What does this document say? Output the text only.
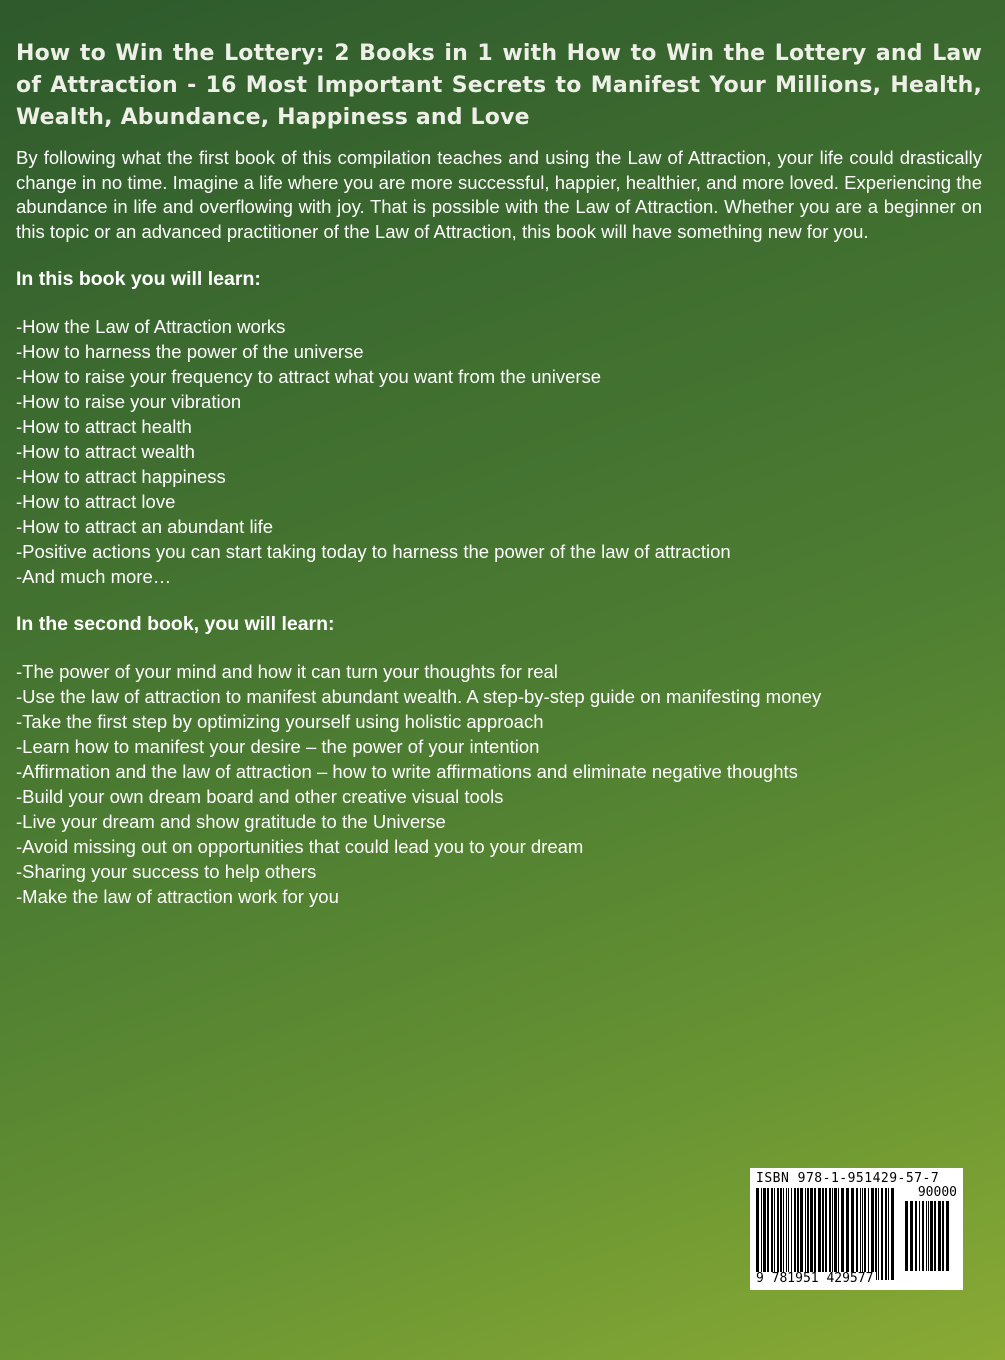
How to Win the Lottery: 2 Books in 1 with How to Win the Lottery and Law of Attraction - 16 Most Important Secrets to Manifest Your Millions, Health, Wealth, Abundance, Happiness and Love

By following what the first book of this compilation teaches and using the Law of Attraction, your life could drastically change in no time. Imagine a life where you are more successful, happier, healthier, and more loved. Experiencing the abundance in life and overflowing with joy. That is possible with the Law of Attraction. Whether you are a beginner on this topic or an advanced practitioner of the Law of Attraction, this book will have something new for you.

In this book you will learn:
-How the Law of Attraction works
-How to harness the power of the universe
-How to raise your frequency to attract what you want from the universe
-How to raise your vibration
-How to attract health
-How to attract wealth
-How to attract happiness
-How to attract love
-How to attract an abundant life
-Positive actions you can start taking today to harness the power of the law of attraction
-And much more…
In the second book, you will learn:
-The power of your mind and how it can turn your thoughts for real
-Use the law of attraction to manifest abundant wealth. A step-by-step guide on manifesting money
-Take the first step by optimizing yourself using holistic approach
-Learn how to manifest your desire – the power of your intention
-Affirmation and the law of attraction – how to write affirmations and eliminate negative thoughts
-Build your own dream board and other creative visual tools
-Live your dream and show gratitude to the Universe
-Avoid missing out on opportunities that could lead you to your dream
-Sharing your success to help others
-Make the law of attraction work for you
ISBN 978-1-951429-57-7
90000
9 781951 429577
